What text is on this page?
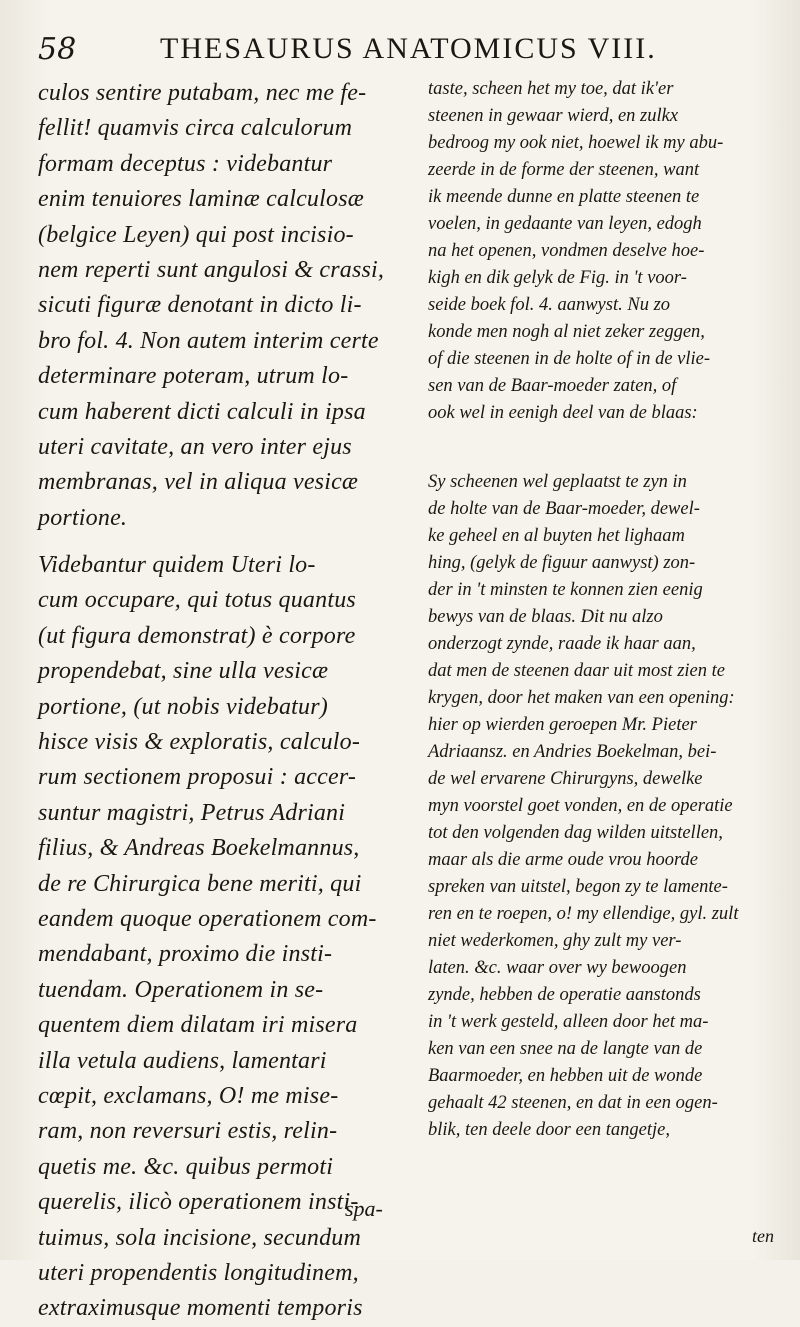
58	THESAURUS ANATOMICUS VIII.
culos sentire putabam, nec me fe-
fellit! quamvis circa calculorum
formam deceptus : videbantur
enim tenuiores laminæ calculosæ
(belgice Leyen) qui post incisio-
nem reperti sunt angulosi & crassi,
sicuti figuræ denotant in dicto li-
bro fol. 4. Non autem interim certe
determinare poteram, utrum lo-
cum haberent dicti calculi in ipsa
uteri cavitate, an vero inter ejus
membranas, vel in aliqua vesicæ
portione.
Videbantur quidem Uteri lo-
cum occupare, qui totus quantus
(ut figura demonstrat) è corpore
propendebat, sine ulla vesicæ
portione, (ut nobis videbatur)
hisce visis & exploratis, calculo-
rum sectionem proposui : accer-
suntur magistri, Petrus Adriani
filius, & Andreas Boekelmannus,
de re Chirurgica bene meriti, qui
eandem quoque operationem com-
mendabant, proximo die insti-
tuendam. Operationem in se-
quentem diem dilatam iri misera
illa vetula audiens, lamentari
cœpit, exclamans, O! me mise-
ram, non reversuri estis, relin-
quetis me. &c. quibus permoti
querelis, ilicò operationem insti-
tuimus, sola incisione, secundum
uteri propendentis longitudinem,
extraximusque momenti temporis
taste, scheen het my toe, dat ik'er
steenen in gewaar wierd, en zulkx
bedroog my ook niet, hoewel ik my abu-
zeerde in de forme der steenen, want
ik meende dunne en platte steenen te
voelen, in gedaante van leyen, edogh
na het openen, vondmen deselve hoe-
kigh en dik gelyk de Fig. in 't voor-
seide boek fol. 4. aanwyst. Nu zo
konde men nogh al niet zeker zeggen,
of die steenen in de holte of in de vlie-
sen van de Baar-moeder zaten, of
ook wel in eenigh deel van de blaas:
Sy scheenen wel geplaatst te zyn in
de holte van de Baar-moeder, dewel-
ke geheel en al buyten het lighaam
hing, (gelyk de figuur aanwyst) zon-
der in 't minsten te konnen zien eenig
bewys van de blaas. Dit nu alzo
onderzogt zynde, raade ik haar aan,
dat men de steenen daar uit most zien te
krygen, door het maken van een opening:
hier op wierden geroepen Mr. Pieter
Adriaansz. en Andries Boekelman, bei-
de wel ervarene Chirurgyns, dewelke
myn voorstel goet vonden, en de operatie
tot den volgenden dag wilden uitstellen,
maar als die arme oude vrou hoorde
spreken van uitstel, begon zy te lamente-
ren en te roepen, o! my ellendige, gyl. zult
niet wederkomen, ghy zult my ver-
laten. &c. waar over wy bewoogen
zynde, hebben de operatie aanstonds
in 't werk gesteld, alleen door het ma-
ken van een snee na de langte van de
Baarmoeder, en hebben uit de wonde
gehaalt 42 steenen, en dat in een ogen-
blik, ten deele door een tangetje,
spa-
ten
